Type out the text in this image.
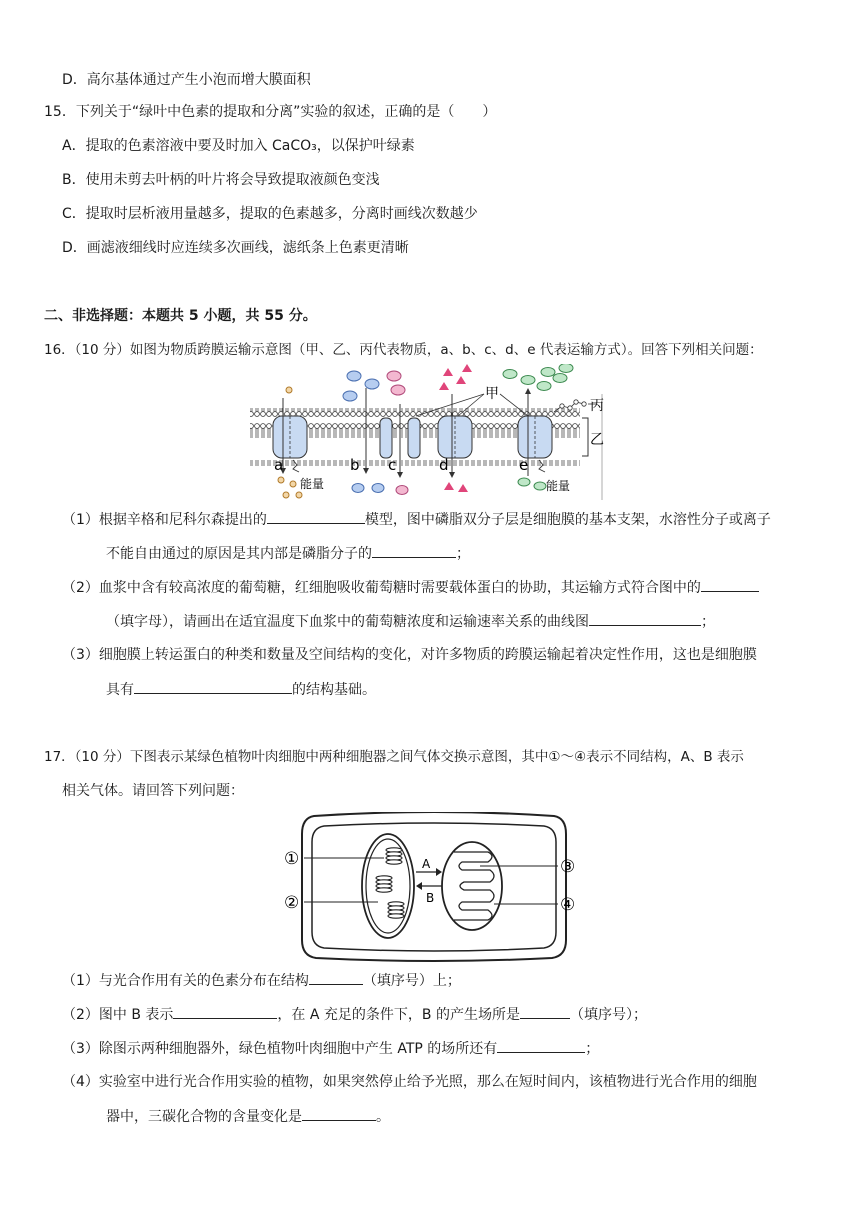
D．高尔基体通过产生小泡而增大膜面积
15．下列关于“绿叶中色素的提取和分离”实验的叙述，正确的是（　　）
A．提取的色素溶液中要及时加入 CaCO₃，以保护叶绿素
B．使用未剪去叶柄的叶片将会导致提取液颜色变浅
C．提取时层析液用量越多，提取的色素越多，分离时画线次数越少
D．画滤液细线时应连续多次画线，滤纸条上色素更清晰
二、非选择题：本题共 5 小题，共 55 分。
16．（10 分）如图为物质跨膜运输示意图（甲、乙、丙代表物质，a、b、c、d、e 代表运输方式）。回答下列相关问题：
甲
丙
乙
a	b c	d	e
能量	能量
（1）根据辛格和尼科尔森提出的	模型，图中磷脂双分子层是细胞膜的基本支架，水溶性分子或离子
不能自由通过的原因是其内部是磷脂分子的	；
（2）血浆中含有较高浓度的葡萄糖，红细胞吸收葡萄糖时需要载体蛋白的协助，其运输方式符合图中的
（填字母），请画出在适宜温度下血浆中的葡萄糖浓度和运输速率关系的曲线图	；
（3）细胞膜上转运蛋白的种类和数量及空间结构的变化，对许多物质的跨膜运输起着决定性作用，这也是细胞膜
具有	的结构基础。
17．（10 分）下图表示某绿色植物叶肉细胞中两种细胞器之间气体交换示意图，其中①～④表示不同结构，A、B 表示
相关气体。请回答下列问题：
A
B
①
②
③
④
（1）与光合作用有关的色素分布在结构	（填序号）上；
（2）图中 B 表示	，在 A 充足的条件下，B 的产生场所是	（填序号）；
（3）除图示两种细胞器外，绿色植物叶肉细胞中产生 ATP 的场所还有	；
（4）实验室中进行光合作用实验的植物，如果突然停止给予光照，那么在短时间内，该植物进行光合作用的细胞
器中，三碳化合物的含量变化是	。
